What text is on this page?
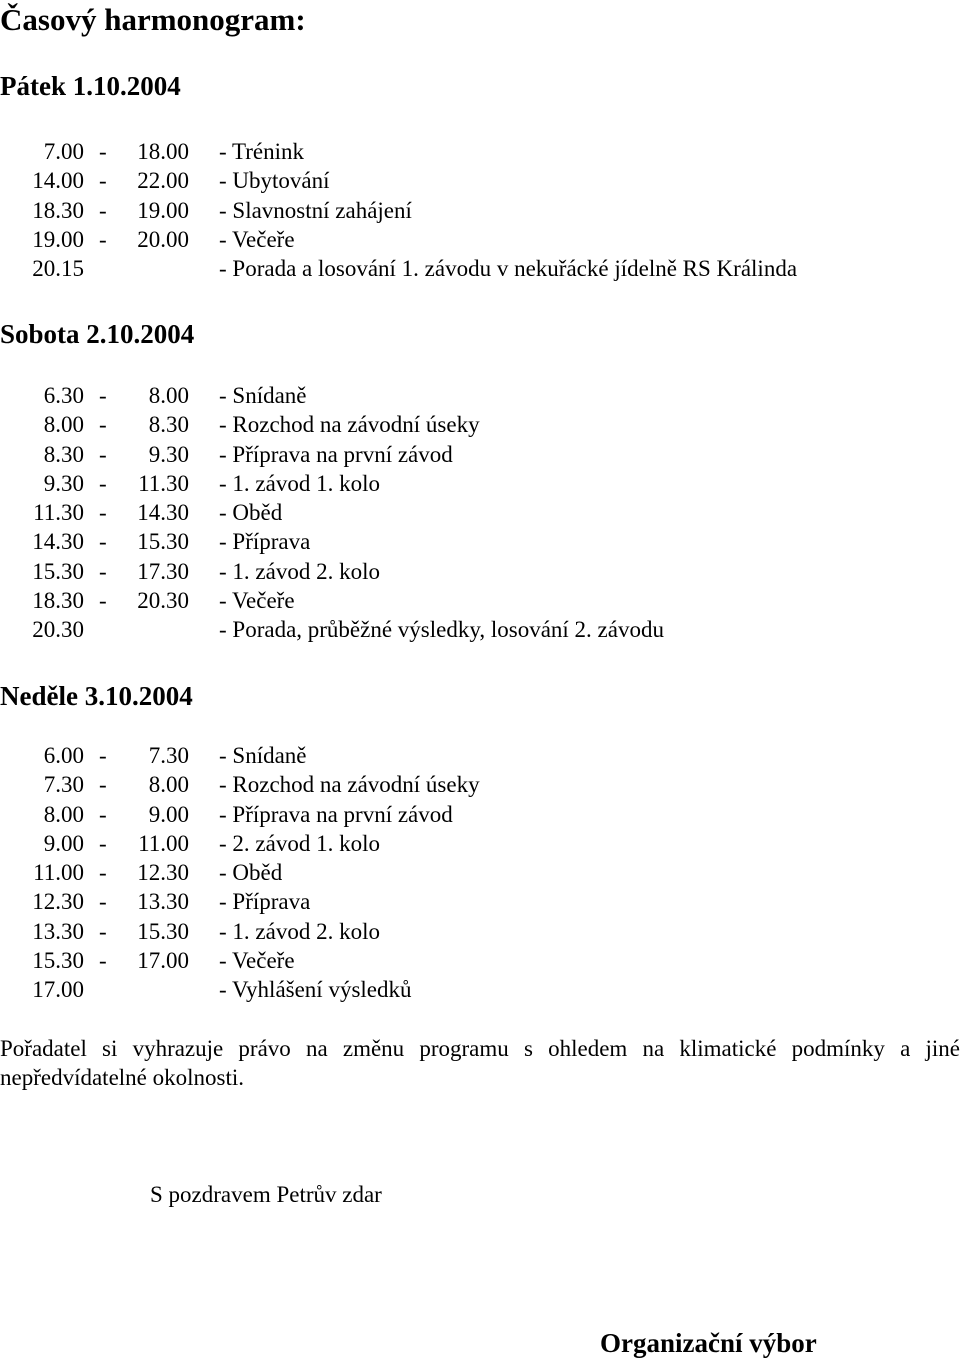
Časový harmonogram:
Pátek 1.10.2004
7.00 - 18.00 - Trénink
14.00 - 22.00 - Ubytování
18.30 - 19.00 - Slavnostní zahájení
19.00 - 20.00 - Večeře
20.15	- Porada a losování 1. závodu v nekuřácké jídelně RS Králinda
Sobota 2.10.2004
6.30 - 8.00 - Snídaně
8.00 - 8.30 - Rozchod na závodní úseky
8.30 - 9.30 - Příprava na první závod
9.30 - 11.30 - 1. závod 1. kolo
11.30 - 14.30 - Oběd
14.30 - 15.30 - Příprava
15.30 - 17.30 - 1. závod 2. kolo
18.30 - 20.30 - Večeře
20.30	- Porada, průběžné výsledky, losování 2. závodu
Neděle 3.10.2004
6.00 - 7.30 - Snídaně
7.30 - 8.00 - Rozchod na závodní úseky
8.00 - 9.00 - Příprava na první závod
9.00 - 11.00 - 2. závod 1. kolo
11.00 - 12.30 - Oběd
12.30 - 13.30 - Příprava
13.30 - 15.30 - 1. závod 2. kolo
15.30 - 17.00 - Večeře
17.00	- Vyhlášení výsledků

Pořadatel si vyhrazuje právo na změnu programu s ohledem na klimatické podmínky a jiné nepředvídatelné okolnosti.

S pozdravem Petrův zdar

Organizační výbor
